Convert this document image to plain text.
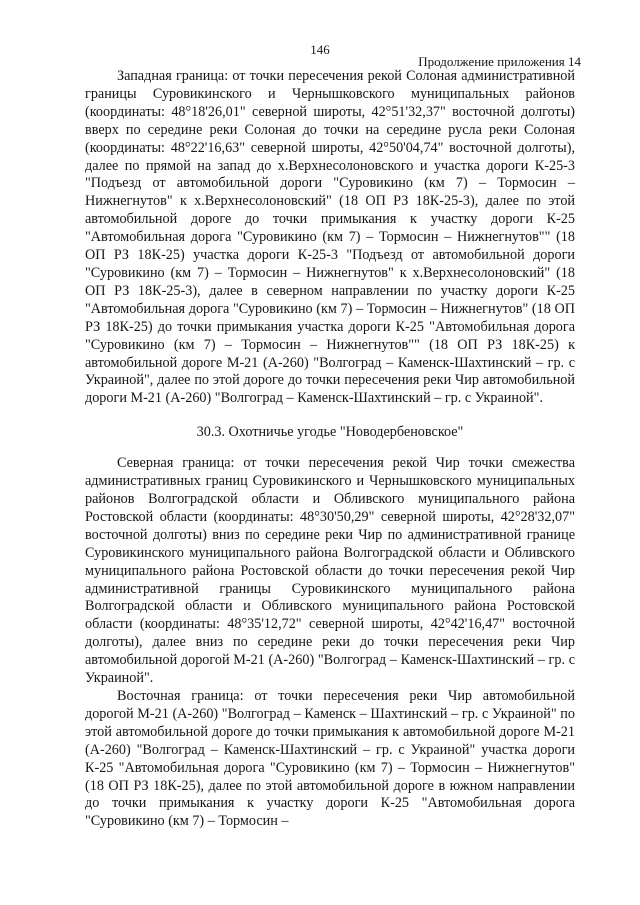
146
Продолжение приложения 14

Западная граница: от точки пересечения рекой Солоная административной границы Суровикинского и Чернышковского муниципальных районов (координаты: 48°18'26,01" северной широты, 42°51'32,37" восточной долготы) вверх по середине реки Солоная до точки на середине русла реки Солоная (координаты: 48°22'16,63" северной широты, 42°50'04,74" восточной долготы), далее по прямой на запад до х.Верхнесолоновского и участка дороги К-25-3 "Подъезд от автомобильной дороги "Суровикино (км 7) – Тормосин – Нижнегнутов" к х.Верхнесолоновский" (18 ОП РЗ 18К-25-3), далее по этой автомобильной дороге до точки примыкания к участку дороги К-25 "Автомобильная дорога "Суровикино (км 7) – Тормосин – Нижнегнутов"" (18 ОП РЗ 18К-25) участка дороги К-25-3 "Подъезд от автомобильной дороги "Суровикино (км 7) – Тормосин – Нижнегнутов" к х.Верхнесолоновский" (18 ОП РЗ 18К-25-3), далее в северном направлении по участку дороги К-25 "Автомобильная дорога "Суровикино (км 7) – Тормосин – Нижнегнутов" (18 ОП РЗ 18К-25) до точки примыкания участка дороги К-25 "Автомобильная дорога "Суровикино (км 7) – Тормосин – Нижнегнутов"" (18 ОП РЗ 18К-25) к автомобильной дороге М-21 (А-260) "Волгоград – Каменск-Шахтинский – гр. с Украиной", далее по этой дороге до точки пересечения реки Чир автомобильной дороги М-21 (А-260) "Волгоград – Каменск-Шахтинский – гр. с Украиной".

30.3. Охотничье угодье "Новодербеновское"

Северная граница: от точки пересечения рекой Чир точки смежества административных границ Суровикинского и Чернышковского муниципальных районов Волгоградской области и Обливского муниципального района Ростовской области (координаты: 48°30'50,29" северной широты, 42°28'32,07" восточной долготы) вниз по середине реки Чир по административной границе Суровикинского муниципального района Волгоградской области и Обливского муниципального района Ростовской области до точки пересечения рекой Чир административной границы Суровикинского муниципального района Волгоградской области и Обливского муниципального района Ростовской области (координаты: 48°35'12,72" северной широты, 42°42'16,47" восточной долготы), далее вниз по середине реки до точки пересечения реки Чир автомобильной дорогой М-21 (А-260) "Волгоград – Каменск-Шахтинский – гр. с Украиной".

Восточная граница: от точки пересечения реки Чир автомобильной дорогой М-21 (А-260) "Волгоград – Каменск – Шахтинский – гр. с Украиной" по этой автомобильной дороге до точки примыкания к автомобильной дороге М-21 (А-260) "Волгоград – Каменск-Шахтинский – гр. с Украиной" участка дороги К-25 "Автомобильная дорога "Суровикино (км 7) – Тормосин – Нижнегнутов" (18 ОП РЗ 18К-25), далее по этой автомобильной дороге в южном направлении до точки примыкания к участку дороги К-25 "Автомобильная дорога "Суровикино (км 7) – Тормосин –
